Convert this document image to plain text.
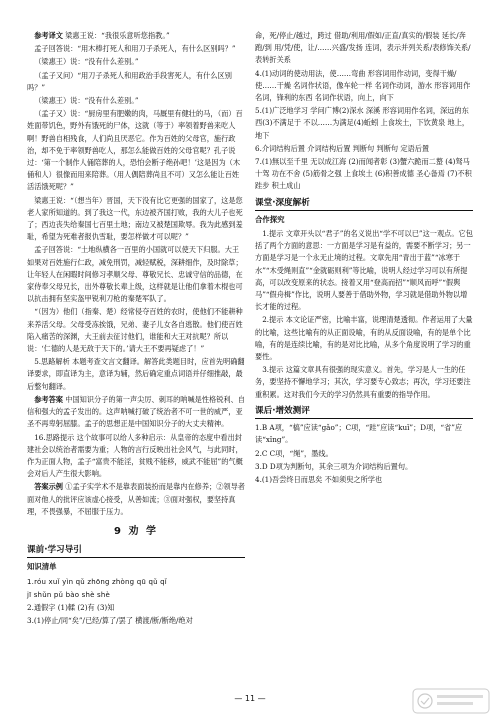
参考译文 梁惠王说：“我很乐意听您指教。”

孟子回答说：“用木棒打死人和用刀子杀死人，有什么区别吗？”

（梁惠王）说：“没有什么差别。”

（孟子又问）“用刀子杀死人和用政治手段害死人，有什么区别吗？”

（梁惠王）说：“没有什么差别。”

（孟子又）说：“厨房里有肥嫩的肉，马厩里有健壮的马，（而）百姓面带饥色，野外有饿死的尸体，这就（等于）率领着野兽来吃人啊！野兽自相残食，人们尚且厌恶它。作为百姓的父母官，施行政治，却不免于率领野兽吃人，那怎么能做百姓的父母官呢？孔子说过：‘第一个制作人俑陪葬的人，恐怕会断子绝孙吧！’这是因为（木俑和人）很像而用来陪葬。（用人偶陪葬尚且不可）又怎么能让百姓活活饿死呢？”

梁惠王说：“（想当年）晋国，天下没有比它更强的国家了，这是您老人家所知道的。到了我这一代，东边被齐国打败，我的大儿子也死了；西边丧失给秦国七百里土地；南边又被楚国欺辱。我为此感到羞耻，希望为死难者报仇雪耻，要怎样做才可以呢？”

孟子回答说：“土地纵横各一百里的小国就可以使天下归服。大王如果对百姓施行仁政，减免刑罚，减轻赋税，深耕细作，及时除草；让年轻人在闲暇时间修习孝顺父母、尊敬兄长、忠诚守信的品德，在家侍奉父母兄长，出外尊敬长辈上级，这样就是让他们拿着木棍也可以抗击拥有坚实盔甲锐利刀枪的秦楚军队了。

“（因为）他们（指秦、楚）经常侵夺百姓的农时，使他们不能耕种来养活父母。父母受冻挨饿，兄弟、妻子儿女各自逃散。他们使百姓陷入痛苦的深渊，大王前去征讨他们，谁能和大王对抗呢？所以说：‘仁德的人是无敌于天下的。’请大王不要再疑虑了！”

5.思路解析 本题考查文言文翻译。解答此类题目时，应首先明确翻译要求，即直译为主，意译为辅，然后确定重点词语并仔细推敲，最后整句翻译。

参考答案 中国知识分子的第一声尖厉、刺耳的呐喊是性格锐利、自信和强大的孟子发出的。这声呐喊打破了统治者不可一世的威严，亚圣不再卑躬屈膝。孟子的思想正是中国知识分子的大丈夫精神。

16.思路提示 这个故事可以给人多种启示：从皇帝的态度中看出封建社会以统治者需要为重；人物的言行反映出社会风气，与此同时，作为正面人物，孟子“富贵不能淫，贫贱不能移，威武不能屈”的气概会对后人产生很大影响。

答案示例 ①孟子实学术不是靠表面装扮而是靠内在修养；②领导者面对他人的批评应该虚心接受，从善如流；③面对强权，要坚持真理，不畏强暴，不屈服于压力。

9 劝 学
课前·学习导引
知识清单

1.róu xuǐ yìn qǔ zhōng zhòng qū qǔ qǐ

jī shǔn pǔ bào shè shè

2.通假字 (1)輮 (2)有 (3)知

3.(1)停止/同“矣”/已经/算了/罢了 横渡/断/断绝/绝对

命，死/停止/越过，跨过 借助/利用/假如/正直/真实的/假装 延长/奔跑/到 用/凭/使，让/……兴盛/发扬 连词，表示并列关系/表修饰关系/表转折关系

4.(1)动词的使动用法，使……弯曲 形容词用作动词，变得干燥/使……干燥 名词作状语，像车轮一样 名词作动词，游水 形容词用作名词，锋利的东西 名词作状语，向上，向下

5.(1)广泛地学习 学问广博(2)深水 深溪 形容词用作名词，深远的东西(3)不满足于 不以……为满足(4)蚯蚓 上食埃土，下饮黄泉 地上，地下

6.介词结构后置 介词结构后置 判断句 判断句 定语后置

7.(1)無以至千里 无以成江海 (2)而闻者彰 (3)蟹六跪而二螯 (4)驽马十驾 功在不舍 (5)筋骨之强 上食埃土 (6)积善成德 圣心备焉 (7)不积跬步 积土成山

课堂·深度解析
合作探究

1.提示 文章开头以“君子”的名义说出“学不可以已”这一观点。它包括了两个方面的意思：一方面是学习是有益的，需要不断学习；另一方面是学习是一个永无止境的过程。文章先用“青出于蓝”“冰寒于水”“木受绳则直”“金就砺则利”等比喻，说明人经过学习可以有所提高，可以改变原来的状态。接着又用“登高而招”“顺风而呼”“假舆马”“假舟楫”作比，说明人要善于借助外物，学习就是借助外物以增长才能的过程。

2.提示 本文论证严密，比喻丰富，说理清楚透彻。作者运用了大量的比喻，这些比喻有的从正面设喻，有的从反面设喻，有的是单个比喻，有的是连续比喻，有的是对比比喻，从多个角度说明了学习的重要性。

3.提示 这篇文章具有很强的现实意义。首先，学习是人一生的任务，要坚持不懈地学习；其次，学习要专心致志；再次，学习还要注重积累。这对我们今天的学习仍然具有重要的指导作用。

课后·增效测评

1.B A项，“槁”应读“gǎo”；C项，“跬”应读“kuǐ”；D项，“省”应读“xǐng”。

2.C C项，“绳”，墨线。

3.D D项为判断句，其余三项为介词结构后置句。

4.(1)吾尝终日而思矣 不如须臾之所学也

— 11 —
